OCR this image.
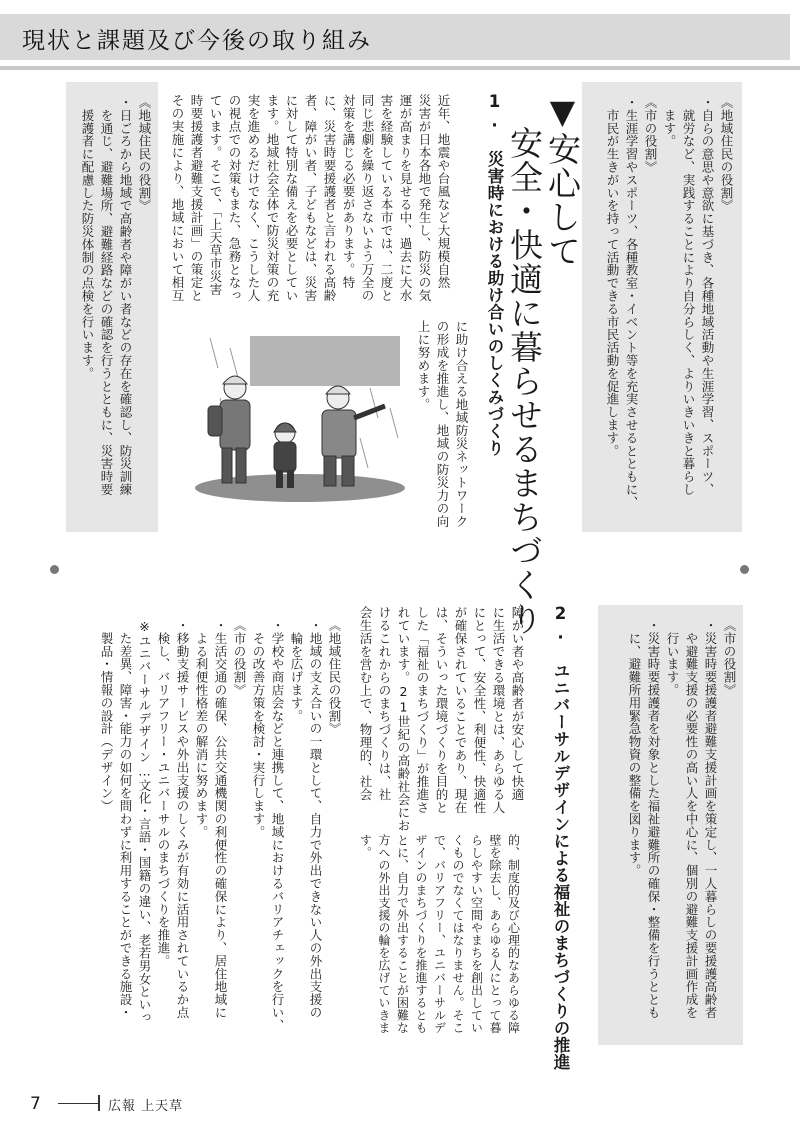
現状と課題及び今後の取り組み
《地域住民の役割》
・自らの意思や意欲に基づき、各種地域活動や生涯学習、スポーツ、
　就労など、実践することにより自分らしく、よりいきいきと暮らし
　ます。
《市の役割》
・生涯学習やスポーツ、各種教室・イベント等を充実させるとともに、
　市民が生きがいを持って活動できる市民活動を促進します。
▼安心して
　安全・快適に暮らせるまちづくり
1. 災害時における助け合いのしくみづくり
近年、地震や台風など大規模自然
災害が日本各地で発生し、防災の気
運が高まりを見せる中、過去に大水
害を経験している本市では、二度と
同じ悲劇を繰り返さないよう万全の
対策を講じる必要があります。特
に、災害時要援護者と言われる高齢
者、障がい者、子どもなどは、災害
に対して特別な備えを必要としてい
ます。地域社会全体で防災対策の充
実を進めるだけでなく、こうした人
の視点での対策もまた、急務となっ
ています。そこで、「上天草市災害
時要援護者避難支援計画」の策定と
その実施により、地域において相互
に助け合える地域防災ネットワーク
の形成を推進し、地域の防災力の向
上に努めます。
《地域住民の役割》
・日ごろから地域で高齢者や障がい者などの存在を確認し、防災訓練
　を通じ、避難場所、避難経路などの確認を行うとともに、災害時要
　援護者に配慮した防災体制の点検を行います。
《市の役割》
・災害時要援護者避難支援計画を策定し、一人暮らしの要援護高齢者
　や避難支援の必要性の高い人を中心に、個別の避難支援計画作成を
　行います。
・災害時要援護者を対象とした福祉避難所の確保・整備を行うととも
　に、避難所用緊急物資の整備を図ります。
2. ユニバーサルデザインによる福祉のまちづくりの推進
障がい者や高齢者が安心して快適
に生活できる環境とは、あらゆる人
にとって、安全性、利便性、快適性
が確保されていることであり、現在
は、そういった環境づくりを目的と
した「福祉のまちづくり」が推進さ
れています。21世紀の高齢社会にお
けるこれからのまちづくりは、社
会生活を営む上で、物理的、社会
的、制度的及び心理的なあらゆる障
壁を除去し、あらゆる人にとって暮
らしやすい空間やまちを創出してい
くものでなくてはなりません。そこ
で、バリアフリー、ユニバーサルデ
ザインのまちづくりを推進するとも
とに、自力で外出することが困難な
方への外出支援の輪を広げていきま
す。
《地域住民の役割》
・地域の支え合いの一環として、自力で外出できない人の外出支援の
　輪を広げます。
・学校や商店会などと連携して、地域におけるバリアチェックを行い、
　その改善方策を検討・実行します。
《市の役割》
・生活交通の確保、公共交通機関の利便性の確保により、居住地域に
　よる利便性格差の解消に努めます。
・移動支援サービスや外出支援のしくみが有効に活用されているか点
　検し、バリアフリー・ユニバーサルのまちづくりを推進。
※ユニバーサルデザイン…文化・言語・国籍の違い、老若男女といっ
　た差異、障害・能力の如何を問わずに利用することができる施設・
　製品・情報の設計（デザイン）
7	広報 上天草
